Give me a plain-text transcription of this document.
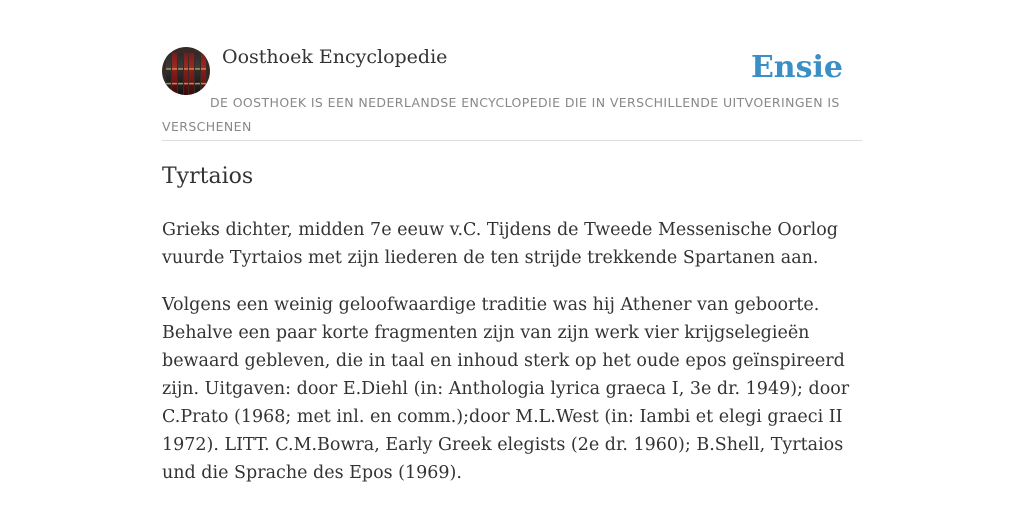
Oosthoek Encyclopedie	Ensie
DE OOSTHOEK IS EEN NEDERLANDSE ENCYCLOPEDIE DIE IN VERSCHILLENDE UITVOERINGEN IS VERSCHENEN
Tyrtaios

Grieks dichter, midden 7e eeuw v.C. Tijdens de Tweede Messenische Oorlog vuurde Tyrtaios met zijn liederen de ten strijde trekkende Spartanen aan.

Volgens een weinig geloofwaardige traditie was hij Athener van geboorte. Behalve een paar korte fragmenten zijn van zijn werk vier krijgselegieën bewaard gebleven, die in taal en inhoud sterk op het oude epos geïnspireerd zijn. Uitgaven: door E.Diehl (in: Anthologia lyrica graeca I, 3e dr. 1949); door C.Prato (1968; met inl. en comm.);door M.L.West (in: Iambi et elegi graeci II 1972). LITT. C.M.Bowra, Early Greek elegists (2e dr. 1960); B.Shell, Tyrtaios und die Sprache des Epos (1969).
